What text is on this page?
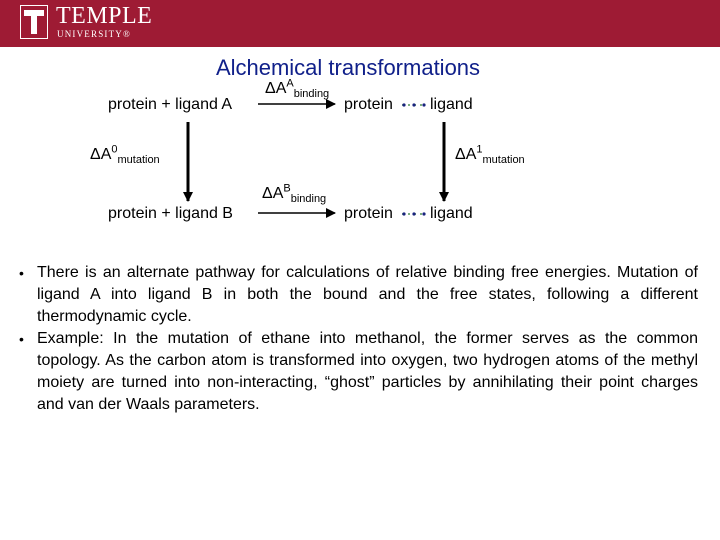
TEMPLE
UNIVERSITY®
Alchemical transformations
protein + ligand A
protein + ligand B
protein ligand
protein ligand
$\Delta A^A_{binding}$
$\Delta A^B_{binding}$
$\Delta A^0_{mutation}$	$\Delta A^1_{mutation}$
• There is an alternate pathway for calculations of relative binding free energies. Mutation of ligand A into ligand B in both the bound and the free states, following a different thermodynamic cycle.
• Example: In the mutation of ethane into methanol, the former serves as the common topology. As the carbon atom is transformed into oxygen, two hydrogen atoms of the methyl moiety are turned into non-interacting, “ghost” particles by annihilating their point charges and van der Waals parameters.
